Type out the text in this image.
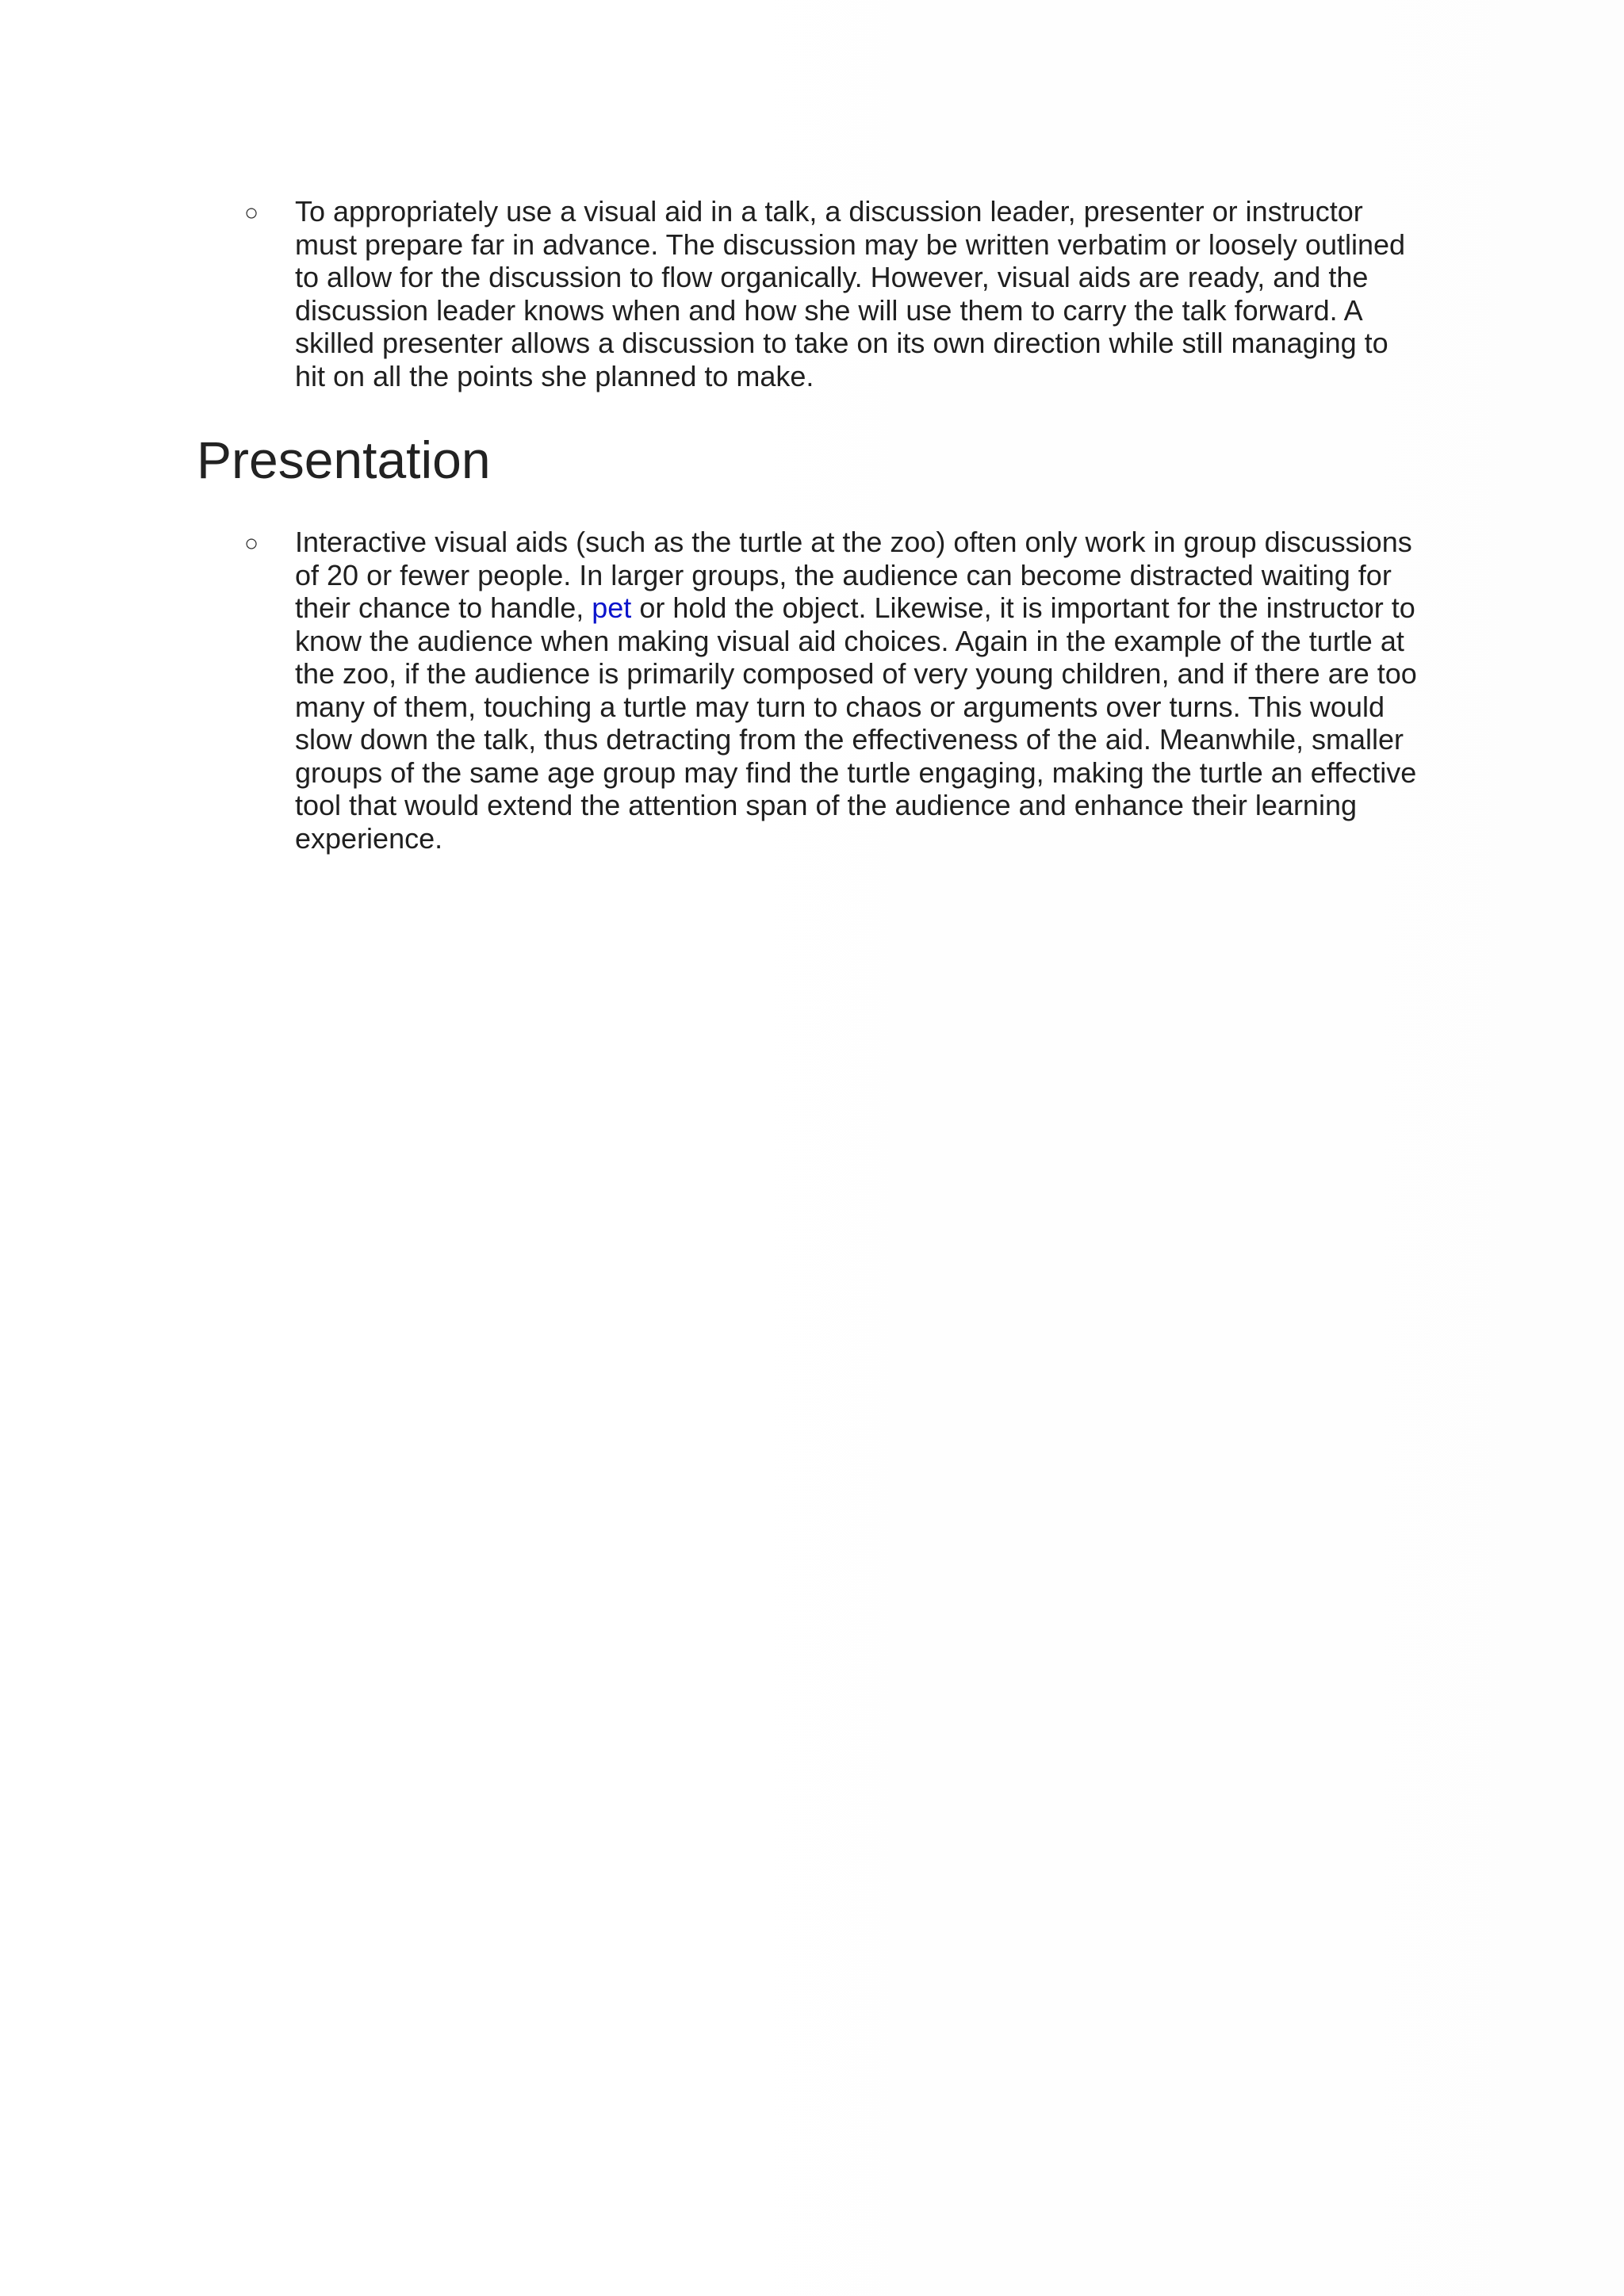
○ To appropriately use a visual aid in a talk, a discussion leader, presenter or instructor
must prepare far in advance. The discussion may be written verbatim or loosely outlined
to allow for the discussion to flow organically. However, visual aids are ready, and the
discussion leader knows when and how she will use them to carry the talk forward. A
skilled presenter allows a discussion to take on its own direction while still managing to
hit on all the points she planned to make.

Presentation
○ Interactive visual aids (such as the turtle at the zoo) often only work in group discussions
of 20 or fewer people. In larger groups, the audience can become distracted waiting for
their chance to handle, pet or hold the object. Likewise, it is important for the instructor to
know the audience when making visual aid choices. Again in the example of the turtle at
the zoo, if the audience is primarily composed of very young children, and if there are too
many of them, touching a turtle may turn to chaos or arguments over turns. This would
slow down the talk, thus detracting from the effectiveness of the aid. Meanwhile, smaller
groups of the same age group may find the turtle engaging, making the turtle an effective
tool that would extend the attention span of the audience and enhance their learning
experience.
